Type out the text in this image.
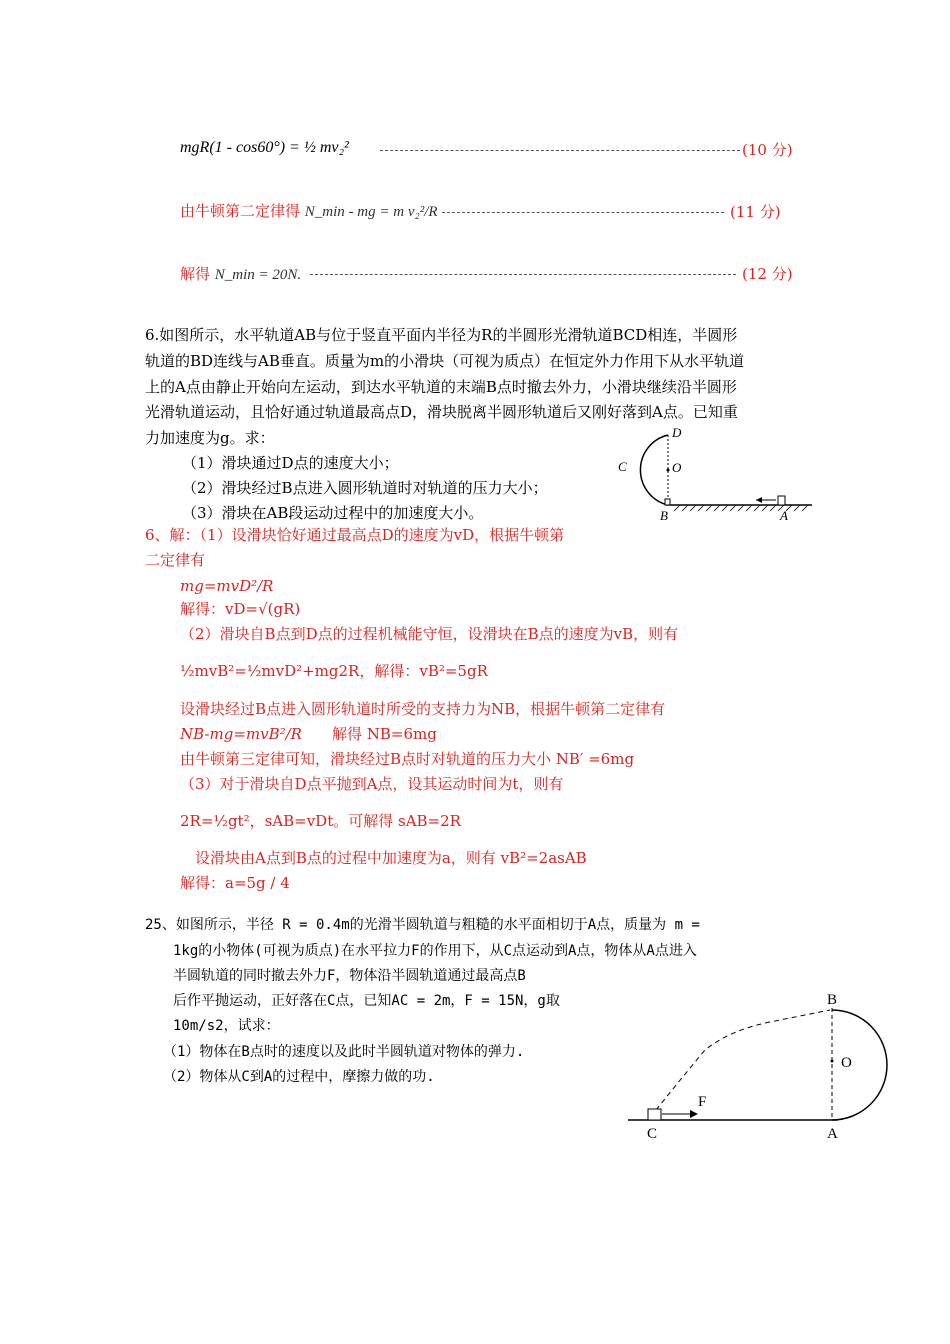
mgR(1 - cos60°) = ½ mv₂²	(10 分)
由牛顿第二定律得 N_min - mg = m v₂²/R	(11 分)
解得 N_min = 20N.	(12 分)
6.如图所示，水平轨道AB与位于竖直平面内半径为R的半圆形光滑轨道BCD相连，半圆形
轨道的BD连线与AB垂直。质量为m的小滑块（可视为质点）在恒定外力作用下从水平轨道
上的A点由静止开始向左运动，到达水平轨道的末端B点时撤去外力，小滑块继续沿半圆形
光滑轨道运动，且恰好通过轨道最高点D，滑块脱离半圆形轨道后又刚好落到A点。已知重
力加速度为g。求：
（1）滑块通过D点的速度大小；
（2）滑块经过B点进入圆形轨道时对轨道的压力大小；
（3）滑块在AB段运动过程中的加速度大小。
D
C	O
B	A
6、解：（1）设滑块恰好通过最高点D的速度为vD，根据牛顿第
二定律有
mg=mvD²/R
解得：vD=√(gR)
（2）滑块自B点到D点的过程机械能守恒，设滑块在B点的速度为vB，则有
½mvB²=½mvD²+mg2R，解得：vB²=5gR
设滑块经过B点进入圆形轨道时所受的支持力为NB，根据牛顿第二定律有
NB-mg=mvB²/R 解得 NB=6mg
由牛顿第三定律可知，滑块经过B点时对轨道的压力大小 NB′ =6mg
（3）对于滑块自D点平抛到A点，设其运动时间为t，则有
2R=½gt²，sAB=vDt。可解得 sAB=2R
设滑块由A点到B点的过程中加速度为a，则有 vB²=2asAB
解得：a=5g / 4
25、如图所示，半径 R = 0.4m的光滑半圆轨道与粗糙的水平面相切于A点，质量为 m =
1kg的小物体(可视为质点)在水平拉力F的作用下，从C点运动到A点，物体从A点进入
半圆轨道的同时撤去外力F，物体沿半圆轨道通过最高点B
后作平抛运动，正好落在C点，已知AC = 2m，F = 15N，g取
10m/s2，试求：
（1）物体在B点时的速度以及此时半圆轨道对物体的弹力.
（2）物体从C到A的过程中，摩擦力做的功.
B
O
F
C	A
